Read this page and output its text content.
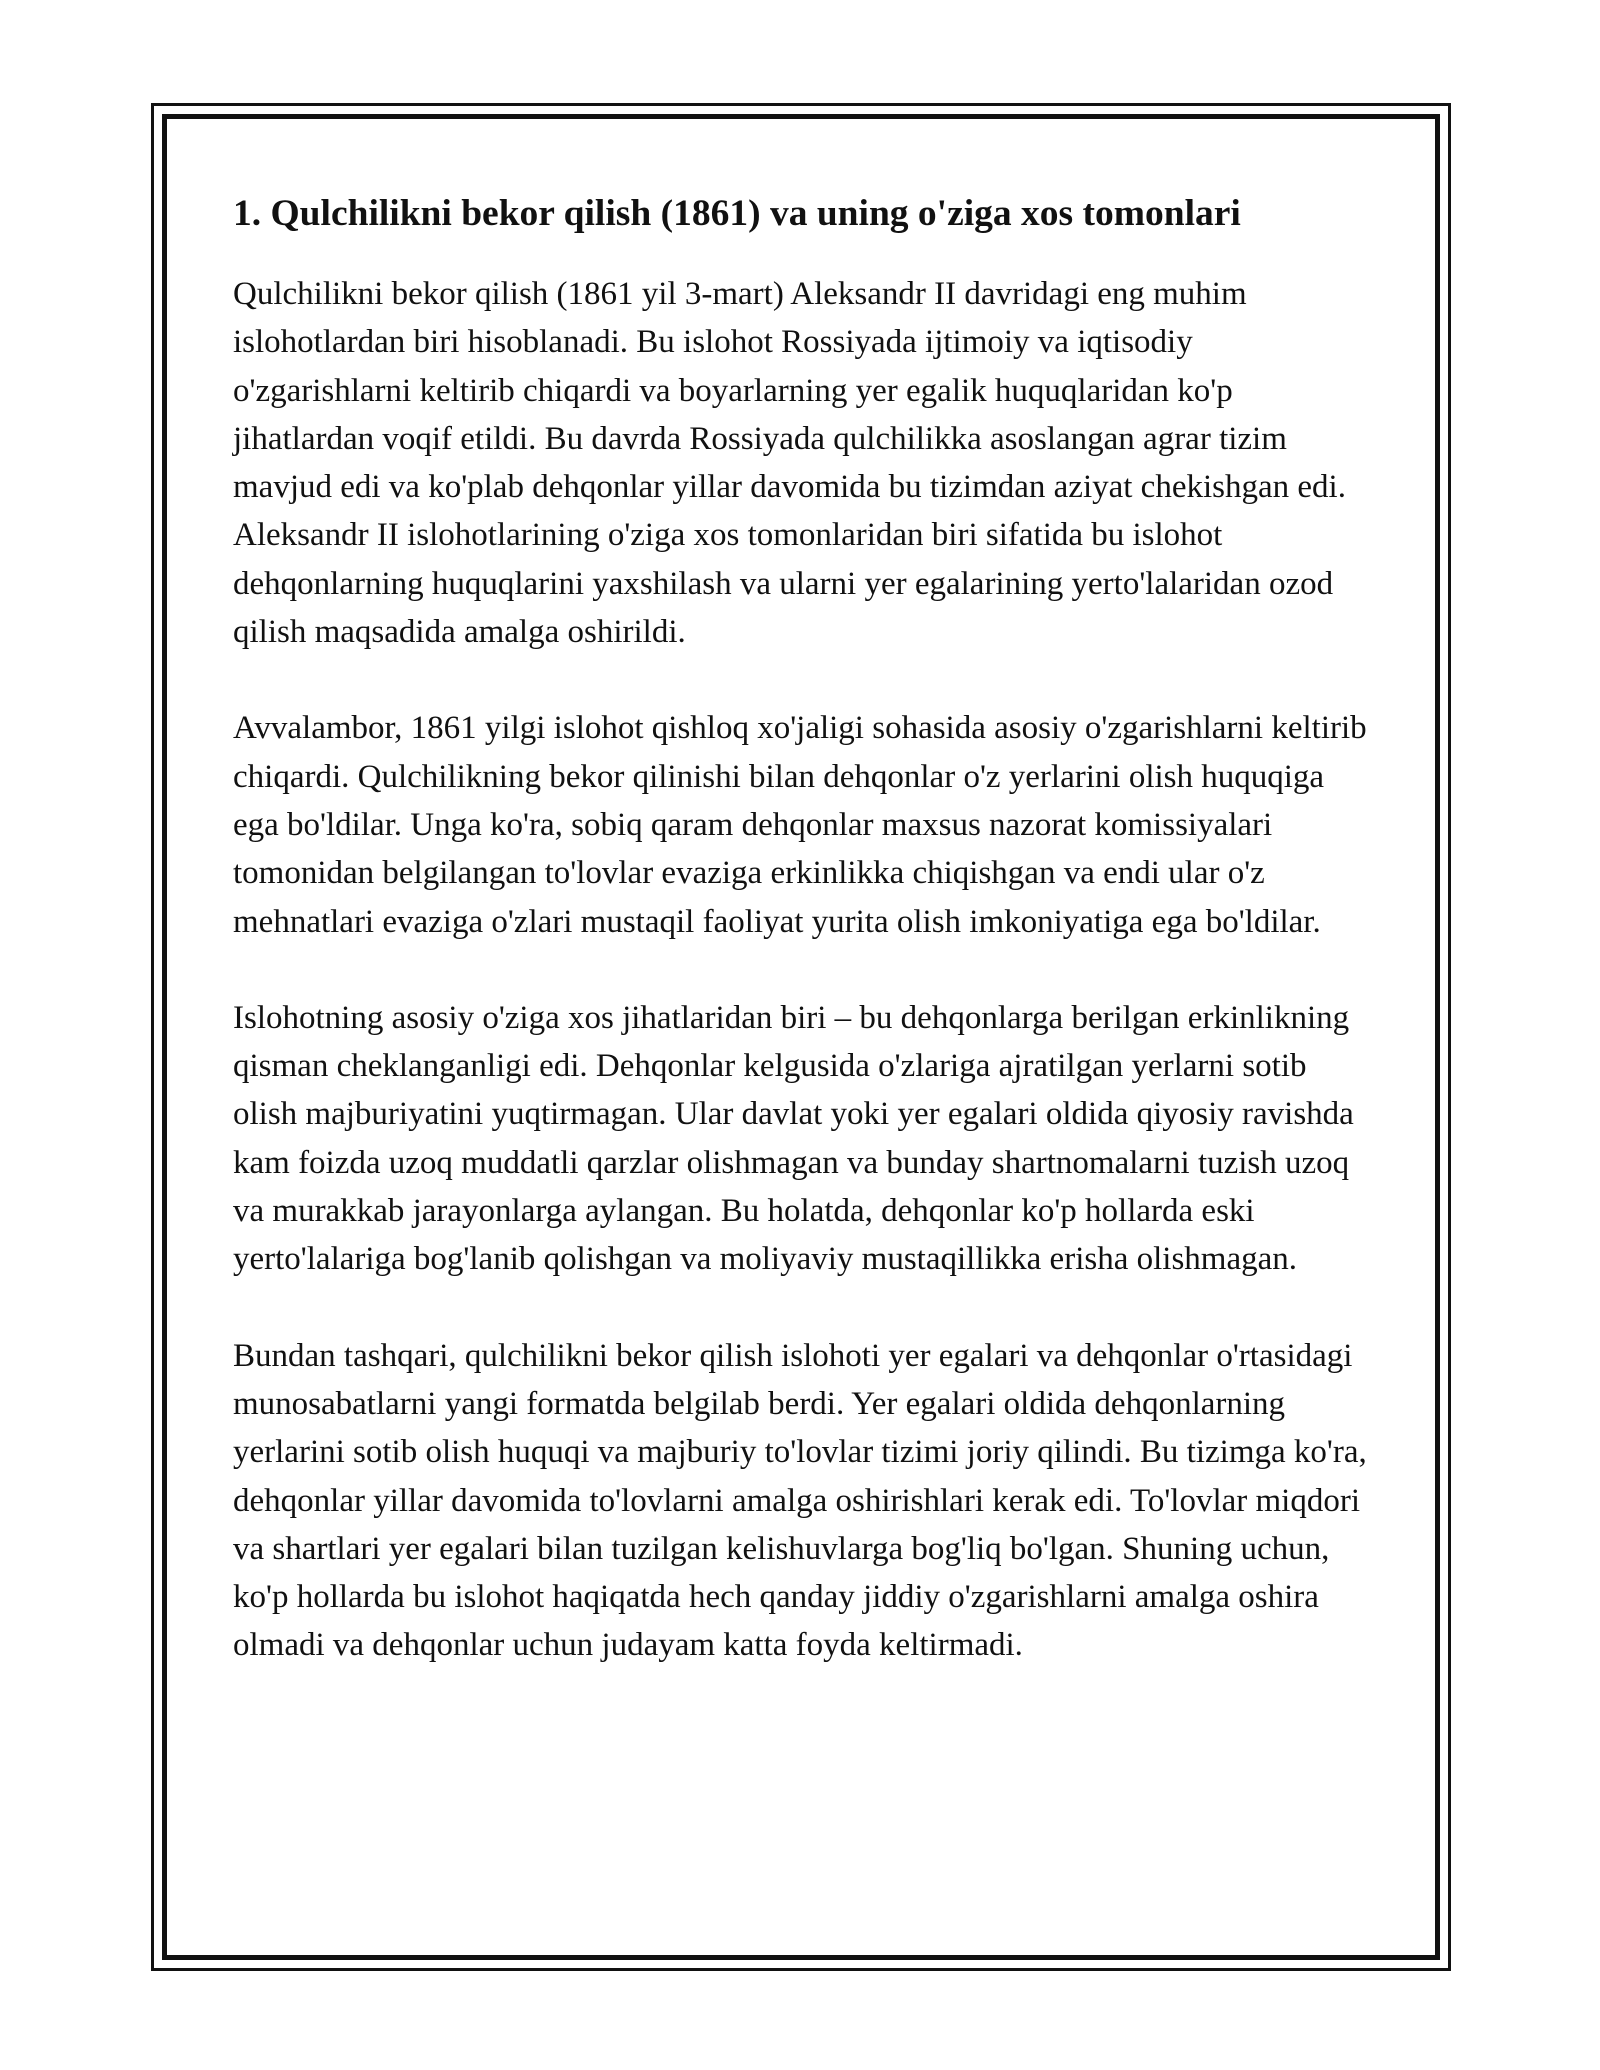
1. Qulchilikni bekor qilish (1861) va uning o'ziga xos tomonlari

Qulchilikni bekor qilish (1861 yil 3-mart) Aleksandr II davridagi eng muhim islohotlardan biri hisoblanadi. Bu islohot Rossiyada ijtimoiy va iqtisodiy o'zgarishlarni keltirib chiqardi va boyarlarning yer egalik huquqlaridan ko'p jihatlardan voqif etildi. Bu davrda Rossiyada qulchilikka asoslangan agrar tizim mavjud edi va ko'plab dehqonlar yillar davomida bu tizimdan aziyat chekishgan edi. Aleksandr II islohotlarining o'ziga xos tomonlaridan biri sifatida bu islohot dehqonlarning huquqlarini yaxshilash va ularni yer egalarining yerto'lalaridan ozod qilish maqsadida amalga oshirildi.

Avvalambor, 1861 yilgi islohot qishloq xo'jaligi sohasida asosiy o'zgarishlarni keltirib chiqardi. Qulchilikning bekor qilinishi bilan dehqonlar o'z yerlarini olish huquqiga ega bo'ldilar. Unga ko'ra, sobiq qaram dehqonlar maxsus nazorat komissiyalari tomonidan belgilangan to'lovlar evaziga erkinlikka chiqishgan va endi ular o'z mehnatlari evaziga o'zlari mustaqil faoliyat yurita olish imkoniyatiga ega bo'ldilar.

Islohotning asosiy o'ziga xos jihatlaridan biri – bu dehqonlarga berilgan erkinlikning qisman cheklanganligi edi. Dehqonlar kelgusida o'zlariga ajratilgan yerlarni sotib olish majburiyatini yuqtirmagan. Ular davlat yoki yer egalari oldida qiyosiy ravishda kam foizda uzoq muddatli qarzlar olishmagan va bunday shartnomalarni tuzish uzoq va murakkab jarayonlarga aylangan. Bu holatda, dehqonlar ko'p hollarda eski yerto'lalariga bog'lanib qolishgan va moliyaviy mustaqillikka erisha olishmagan.

Bundan tashqari, qulchilikni bekor qilish islohoti yer egalari va dehqonlar o'rtasidagi munosabatlarni yangi formatda belgilab berdi. Yer egalari oldida dehqonlarning yerlarini sotib olish huquqi va majburiy to'lovlar tizimi joriy qilindi. Bu tizimga ko'ra, dehqonlar yillar davomida to'lovlarni amalga oshirishlari kerak edi. To'lovlar miqdori va shartlari yer egalari bilan tuzilgan kelishuvlarga bog'liq bo'lgan. Shuning uchun, ko'p hollarda bu islohot haqiqatda hech qanday jiddiy o'zgarishlarni amalga oshira olmadi va dehqonlar uchun judayam katta foyda keltirmadi.
